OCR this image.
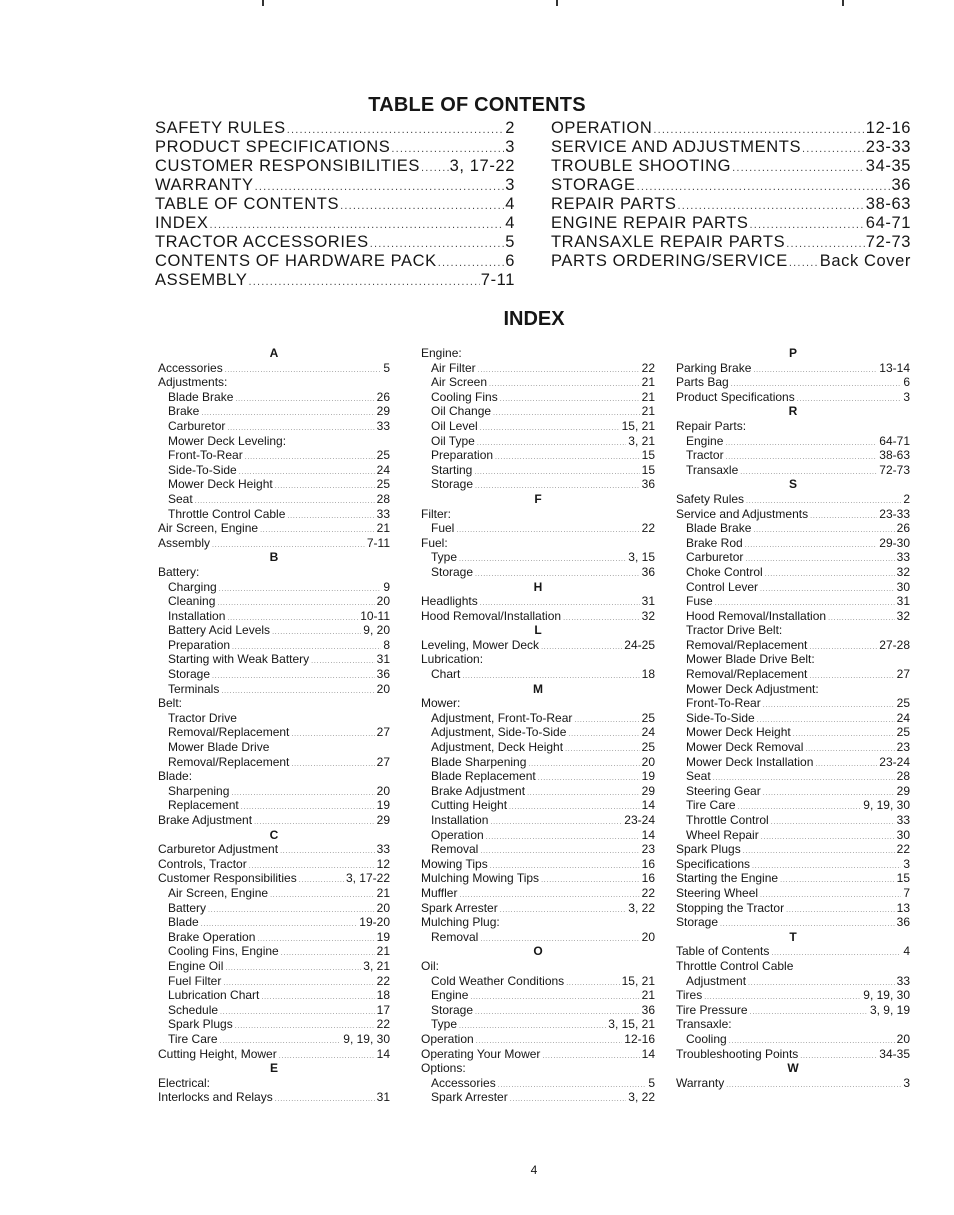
TABLE OF CONTENTS
SAFETY RULES .....	2
PRODUCT SPECIFICATIONS .....	3
CUSTOMER RESPONSIBILITIES ..... 3, 17-22
WARRANTY .....	3
TABLE OF CONTENTS .....	4
INDEX .....	4
TRACTOR ACCESSORIES .....	5
CONTENTS OF HARDWARE PACK .....	6
ASSEMBLY .....	7-11
OPERATION .....	12-16
SERVICE AND ADJUSTMENTS .....	23-33
TROUBLE SHOOTING .....	34-35
STORAGE .....	36
REPAIR PARTS .....	38-63
ENGINE REPAIR PARTS .....	64-71
TRANSAXLE REPAIR PARTS .....	72-73
PARTS ORDERING/SERVICE ..... Back Cover
INDEX
A
Accessories .....	5
Adjustments:
Blade Brake .....	26
Brake .....	29
Carburetor .....	33
Mower Deck Leveling:
Front-To-Rear .....	25
Side-To-Side .....	24
Mower Deck Height .....	25
Seat .....	28
Throttle Control Cable .....	33
Air Screen, Engine .....	21
Assembly .....	7-11
B
Battery:
Charging .....	9
Cleaning .....	20
Installation .....	10-11
Battery Acid Levels .....	9, 20
Preparation .....	8
Starting with Weak Battery .....	31
Storage .....	36
Terminals .....	20
Belt:
Tractor Drive
Removal/Replacement .....	27
Mower Blade Drive
Removal/Replacement .....	27
Blade:
Sharpening .....	20
Replacement .....	19
Brake Adjustment .....	29
C
Carburetor Adjustment .....	33
Controls, Tractor .....	12
Customer Responsibilities .....	3, 17-22
Air Screen, Engine .....	21
Battery .....	20
Blade .....	19-20
Brake Operation .....	19
Cooling Fins, Engine .....	21
Engine Oil .....	3, 21
Fuel Filter .....	22
Lubrication Chart .....	18
Schedule .....	17
Spark Plugs .....	22
Tire Care .....	9, 19, 30
Cutting Height, Mower .....	14
E
Electrical:
Interlocks and Relays .....	31
Engine:
Air Filter .....	22
Air Screen .....	21
Cooling Fins .....	21
Oil Change .....	21
Oil Level .....	15, 21
Oil Type .....	3, 21
Preparation .....	15
Starting .....	15
Storage .....	36
F
Filter:
Fuel .....	22
Fuel:
Type .....	3, 15
Storage .....	36
H
Headlights .....	31
Hood Removal/Installation .....	32
L
Leveling, Mower Deck .....	24-25
Lubrication:
Chart .....	18
M
Mower:
Adjustment, Front-To-Rear .....	25
Adjustment, Side-To-Side .....	24
Adjustment, Deck Height .....	25
Blade Sharpening .....	20
Blade Replacement .....	19
Brake Adjustment .....	29
Cutting Height .....	14
Installation .....	23-24
Operation .....	14
Removal .....	23
Mowing Tips .....	16
Mulching Mowing Tips .....	16
Muffler .....	22
Spark Arrester .....	3, 22
Mulching Plug:
Removal .....	20
O
Oil:
Cold Weather Conditions .....	15, 21
Engine .....	21
Storage .....	36
Type .....	3, 15, 21
Operation .....	12-16
Operating Your Mower .....	14
Options:
Accessories .....	5
Spark Arrester .....	3, 22
P
Parking Brake .....	13-14
Parts Bag .....	6
Product Specifications .....	3
R
Repair Parts:
Engine .....	64-71
Tractor .....	38-63
Transaxle .....	72-73
S
Safety Rules .....	2
Service and Adjustments .....	23-33
Blade Brake .....	26
Brake Rod .....	29-30
Carburetor .....	33
Choke Control .....	32
Control Lever .....	30
Fuse .....	31
Hood Removal/Installation .....	32
Tractor Drive Belt:
Removal/Replacement .....	27-28
Mower Blade Drive Belt:
Removal/Replacement .....	27
Mower Deck Adjustment:
Front-To-Rear .....	25
Side-To-Side .....	24
Mower Deck Height .....	25
Mower Deck Removal .....	23
Mower Deck Installation .....	23-24
Seat .....	28
Steering Gear .....	29
Tire Care .....	9, 19, 30
Throttle Control .....	33
Wheel Repair .....	30
Spark Plugs .....	22
Specifications .....	3
Starting the Engine .....	15
Steering Wheel .....	7
Stopping the Tractor .....	13
Storage .....	36
T
Table of Contents .....	4
Throttle Control Cable
Adjustment .....	33
Tires .....	9, 19, 30
Tire Pressure .....	3, 9, 19
Transaxle:
Cooling .....	20
Troubleshooting Points .....	34-35
W
Warranty .....	3
4
